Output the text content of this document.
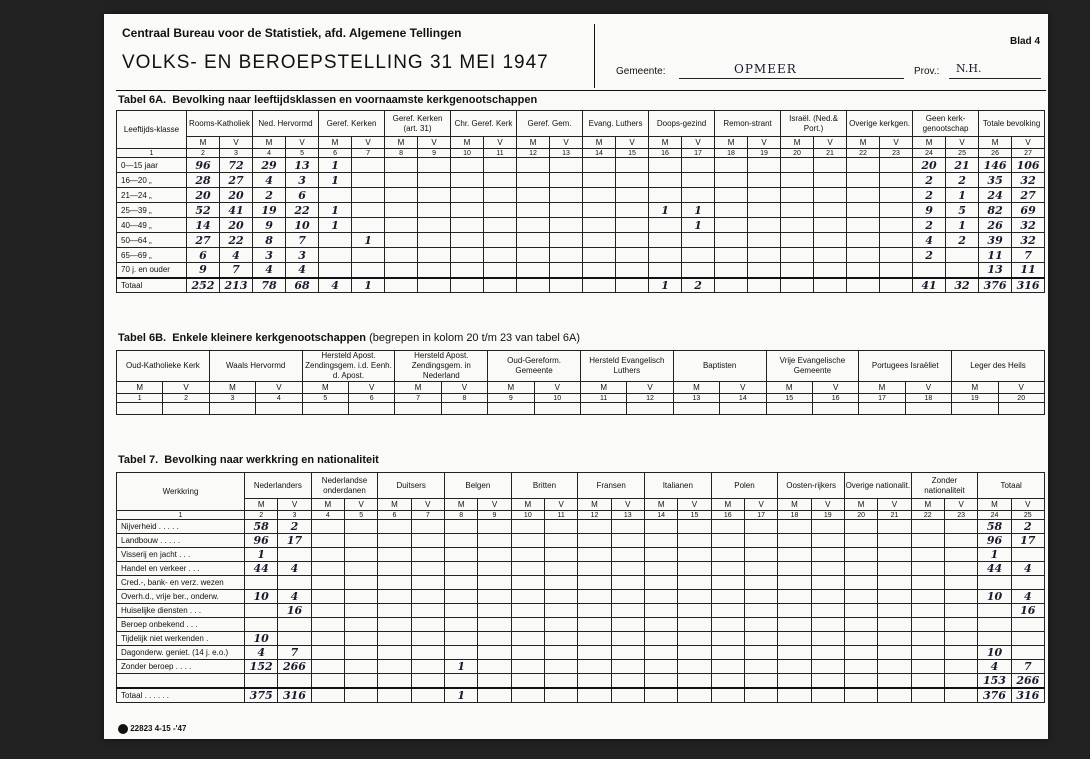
Centraal Bureau voor de Statistiek, afd. Algemene Tellingen
VOLKS- EN BEROEPSTELLING 31 MEI 1947
Blad 4
Gemeente:	OPMEER	Prov.: N.H.
Tabel 6A. Bevolking naar leeftijdsklassen en voornaamste kerkgenootschappen
Leeftijds-klasse	Rooms-Katholiek		Ned. Hervormd		Geref. Kerken		Geref. Kerken (art. 31)		Chr. Geref. Kerk		Geref. Gem.		Evang. Luthers		Doops-gezind		Remon-strant		Israël. (Ned.& Port.)		Overige kerkgen.		Geen kerk-genootschap		Totale bevolking	
	M	V	M	V	M	V	M	V	M	V	M	V	M	V	M	V	M	V	M	V	M	V	M	V	M	V
1	2	3	4	5	6	7	8	9	10	11	12	13	14	15	16	17	18	19	20	21	22	23	24	25	26	27
0—15 jaar	96	72	29	13	1																		20	21	146	106
16—20 „	28	27	4	3	1																		2	2	35	32
21—24 „	20	20	2	6																			2	1	24	27
25—39 „	52	41	19	22	1										1	1							9	5	82	69
40—49 „	14	20	9	10	1											1							2	1	26	32
50—64 „	27	22	8	7		1																	4	2	39	32
65—69 „	6	4	3	3																			2		11	7
70 j. en ouder	9	7	4	4																					13	11
Totaal	252	213	78	68	4	1									1	2							41	32	376	316
Tabel 6B. Enkele kleinere kerkgenootschappen (begrepen in kolom 20 t/m 23 van tabel 6A)
Oud-Katholieke Kerk		Waals Hervormd		Hersteld Apost. Zendingsgem. i.d. Eenh. d. Apost.		Hersteld Apost. Zendingsgem. in Nederland		Oud-Gereform. Gemeente		Hersteld Evangelisch Luthers		Baptisten		Vrije Evangelische Gemeente		Portugees Israëliet		Leger des Heils	
M	V	M	V	M	V	M	V	M	V	M	V	M	V	M	V	M	V	M	V
1	2	3	4	5	6	7	8	9	10	11	12	13	14	15	16	17	18	19	20

Tabel 7. Bevolking naar werkkring en nationaliteit
Werkkring	Nederlanders		Nederlandse onderdanen		Duitsers		Belgen		Britten		Fransen		Italianen		Polen		Oosten-rijkers		Overige nationalit.		Zonder nationaliteit		Totaal	
	M	V	M	V	M	V	M	V	M	V	M	V	M	V	M	V	M	V	M	V	M	V	M	V
1	2	3	4	5	6	7	8	9	10	11	12	13	14	15	16	17	18	19	20	21	22	23	24	25
Nijverheid . . . . .	58	2																					58	2
Landbouw . . . . .	96	17																					96	17
Visserij en jacht . . .	1																						1	
Handel en verkeer . . .	44	4																					44	4
Cred.-, bank- en verz. wezen																								
Overh.d., vrije ber., onderw.	10	4																					10	4
Huiselijke diensten . . .		16																						16
Beroep onbekend . . .																								
Tijdelijk niet werkenden .	10																							
Dagonderw. geniet. (14 j. e.o.)	4	7																					10	
Zonder beroep . . . .	152	266					1																4	7
																							153	266
Totaal . . . . . .	375	316					1																376	316
22823 4-15 -'47
